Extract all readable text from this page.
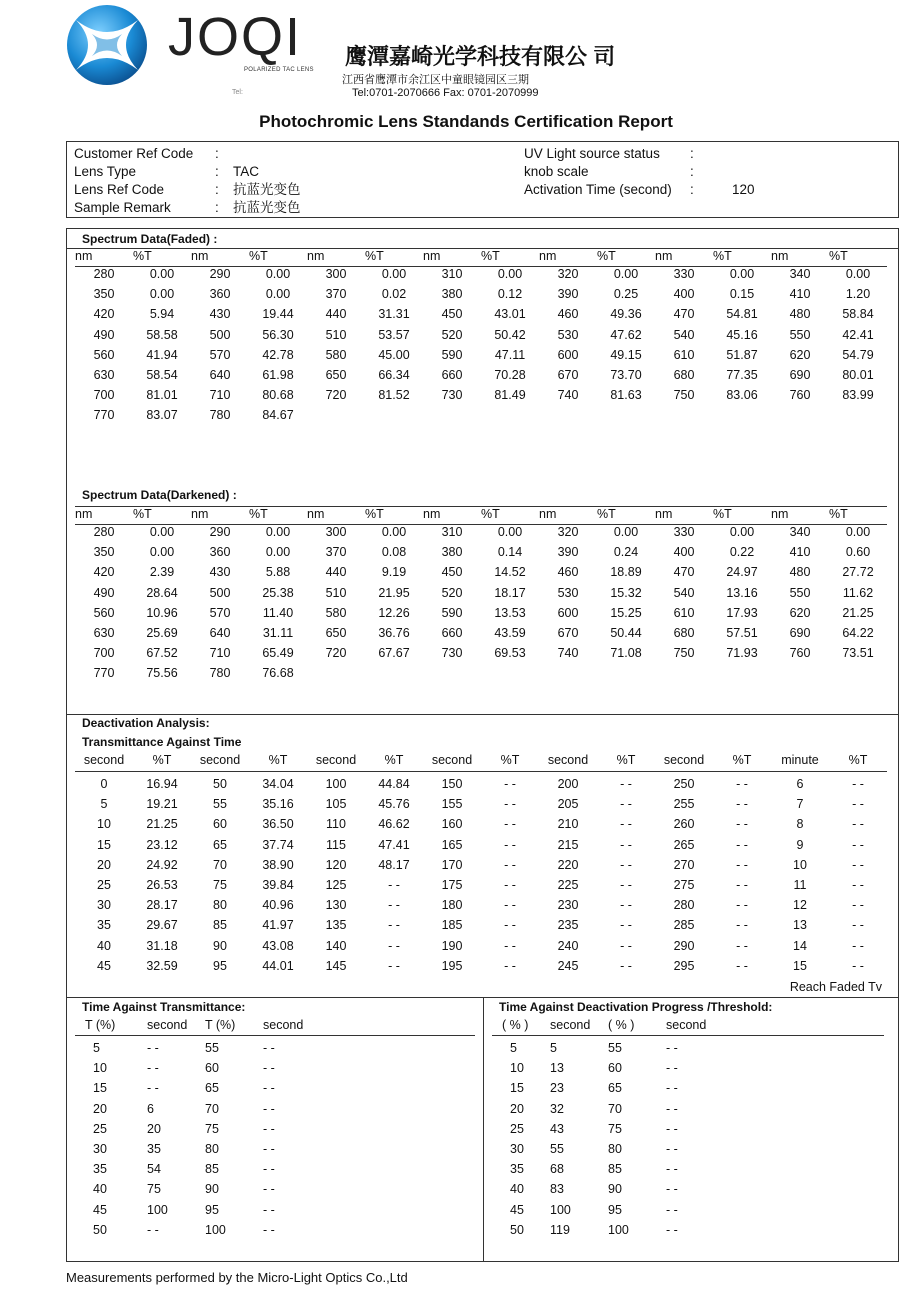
JOQI
POLARIZED TAC LENS
鹰潭嘉崎光学科技有限公 司
江西省鹰潭市余江区中童眼镜园区三期
Tel:	Tel:0701-2070666 Fax: 0701-2070999
Photochromic Lens Standands Certification Report
Customer Ref Code :
Lens Type	: TAC
Lens Ref Code	: 抗蓝光变色
Sample Remark	: 抗蓝光变色
UV Light source status :
knob scale	:
Activation Time (second) :	120
Spectrum Data(Faded) :
nm	%T	nm	%T	nm	%T	nm	%T	nm	%T	nm	%T	nm	%T
280	0.00	290	0.00	300	0.00	310	0.00	320	0.00	330	0.00	340	0.00
350	0.00	360	0.00	370	0.02	380	0.12	390	0.25	400	0.15	410	1.20
420	5.94	430	19.44	440	31.31	450	43.01	460	49.36	470	54.81	480	58.84
490	58.58	500	56.30	510	53.57	520	50.42	530	47.62	540	45.16	550	42.41
560	41.94	570	42.78	580	45.00	590	47.11	600	49.15	610	51.87	620	54.79
630	58.54	640	61.98	650	66.34	660	70.28	670	73.70	680	77.35	690	80.01
700	81.01	710	80.68	720	81.52	730	81.49	740	81.63	750	83.06	760	83.99
770	83.07	780	84.67
Spectrum Data(Darkened) :
nm	%T	nm	%T	nm	%T	nm	%T	nm	%T	nm	%T	nm	%T
280	0.00	290	0.00	300	0.00	310	0.00	320	0.00	330	0.00	340	0.00
350	0.00	360	0.00	370	0.08	380	0.14	390	0.24	400	0.22	410	0.60
420	2.39	430	5.88	440	9.19	450	14.52	460	18.89	470	24.97	480	27.72
490	28.64	500	25.38	510	21.95	520	18.17	530	15.32	540	13.16	550	11.62
560	10.96	570	11.40	580	12.26	590	13.53	600	15.25	610	17.93	620	21.25
630	25.69	640	31.11	650	36.76	660	43.59	670	50.44	680	57.51	690	64.22
700	67.52	710	65.49	720	67.67	730	69.53	740	71.08	750	71.93	760	73.51
770	75.56	780	76.68
Deactivation Analysis:
Transmittance Against Time
second	%T	second	%T	second	%T	second	%T	second	%T	second	%T	minute	%T
0	16.94	50	34.04	100	44.84	150	- -	200	- -	250	- -	6	- -
5	19.21	55	35.16	105	45.76	155	- -	205	- -	255	- -	7	- -
10	21.25	60	36.50	110	46.62	160	- -	210	- -	260	- -	8	- -
15	23.12	65	37.74	115	47.41	165	- -	215	- -	265	- -	9	- -
20	24.92	70	38.90	120	48.17	170	- -	220	- -	270	- -	10	- -
25	26.53	75	39.84	125	- -	175	- -	225	- -	275	- -	11	- -
30	28.17	80	40.96	130	- -	180	- -	230	- -	280	- -	12	- -
35	29.67	85	41.97	135	- -	185	- -	235	- -	285	- -	13	- -
40	31.18	90	43.08	140	- -	190	- -	240	- -	290	- -	14	- -
45	32.59	95	44.01	145	- -	195	- -	245	- -	295	- -	15	- -
Reach Faded Tv
Time Against Transmittance:
T (%)	second	T (%)	second
5	- -	55	- -
10	- -	60	- -
15	- -	65	- -
20	6	70	- -
25	20	75	- -
30	35	80	- -
35	54	85	- -
40	75	90	- -
45	100	95	- -
50	- -	100	- -
Time Against Deactivation Progress /Threshold:
( % )	second	( % )	second
5	5	55	- -
10	13	60	- -
15	23	65	- -
20	32	70	- -
25	43	75	- -
30	55	80	- -
35	68	85	- -
40	83	90	- -
45	100	95	- -
50	119	100	- -
Measurements performed by the Micro-Light Optics Co.,Ltd
